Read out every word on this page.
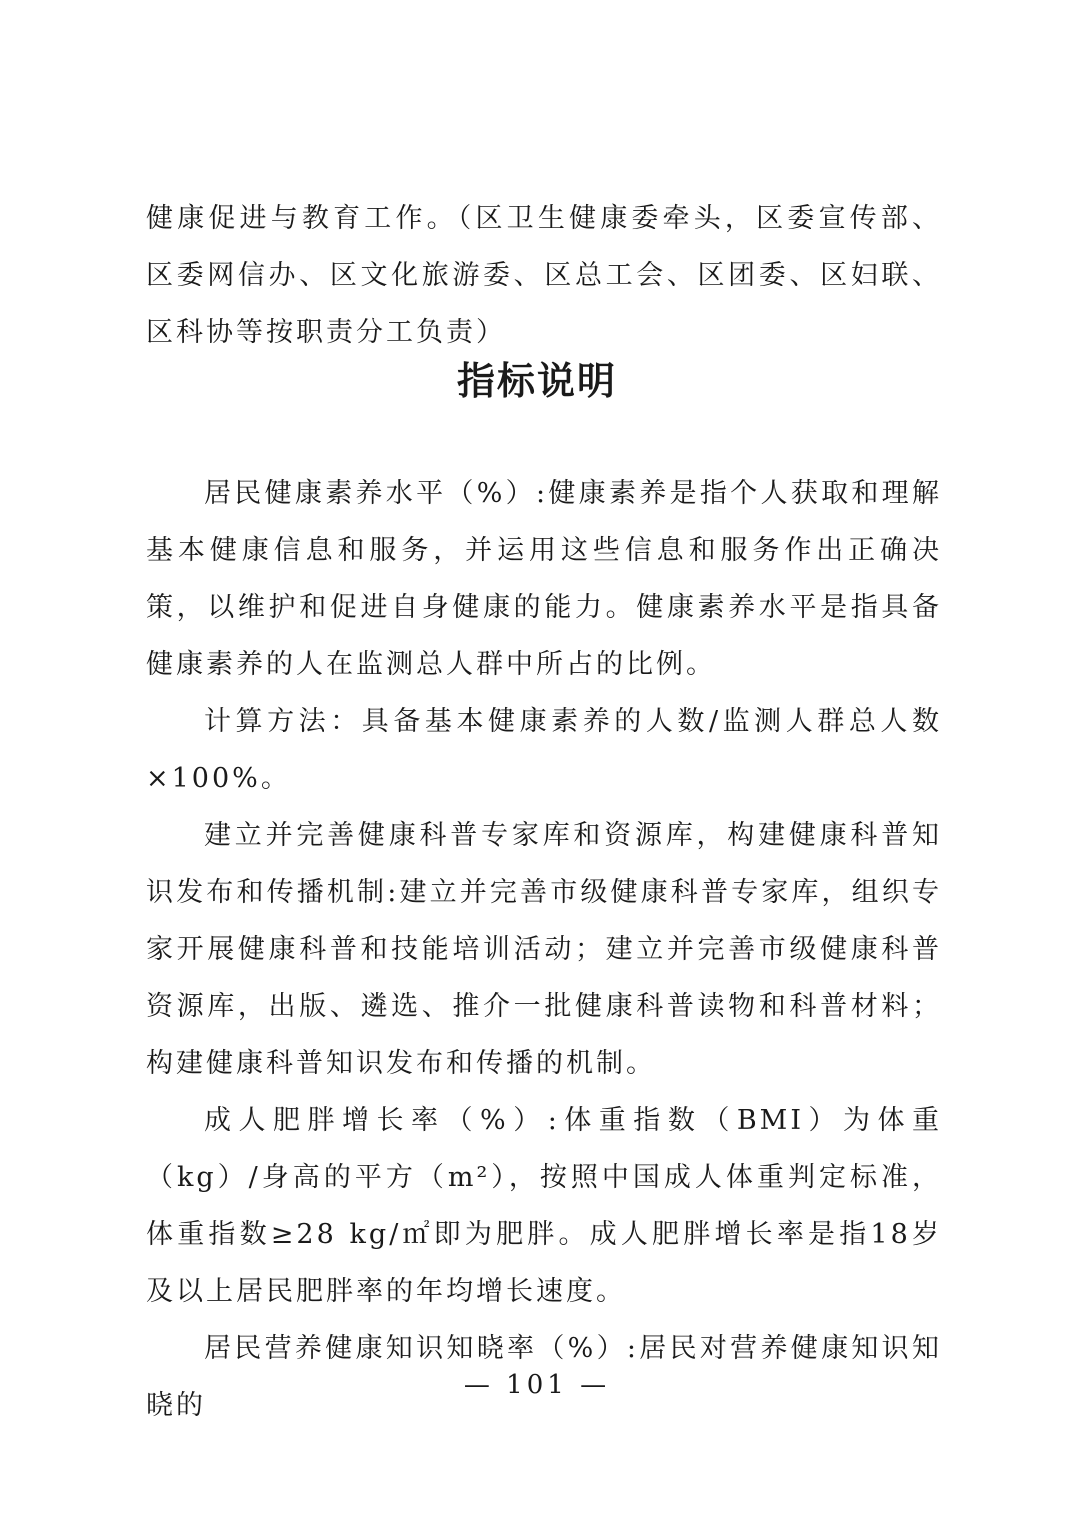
健康促进与教育工作。（区卫生健康委牵头，区委宣传部、区委网信办、区文化旅游委、区总工会、区团委、区妇联、区科协等按职责分工负责）

指标说明

居民健康素养水平（%）:健康素养是指个人获取和理解基本健康信息和服务，并运用这些信息和服务作出正确决策，以维护和促进自身健康的能力。健康素养水平是指具备健康素养的人在监测总人群中所占的比例。

计算方法：具备基本健康素养的人数/监测人群总人数×100%。

建立并完善健康科普专家库和资源库，构建健康科普知识发布和传播机制:建立并完善市级健康科普专家库，组织专家开展健康科普和技能培训活动；建立并完善市级健康科普资源库，出版、遴选、推介一批健康科普读物和科普材料；构建健康科普知识发布和传播的机制。

成人肥胖增长率（%）:体重指数（BMI）为体重（kg）/身高的平方（m²），按照中国成人体重判定标准，体重指数≥28 kg/㎡即为肥胖。成人肥胖增长率是指18岁及以上居民肥胖率的年均增长速度。

居民营养健康知识知晓率（%）:居民对营养健康知识知晓的

— 101 —
